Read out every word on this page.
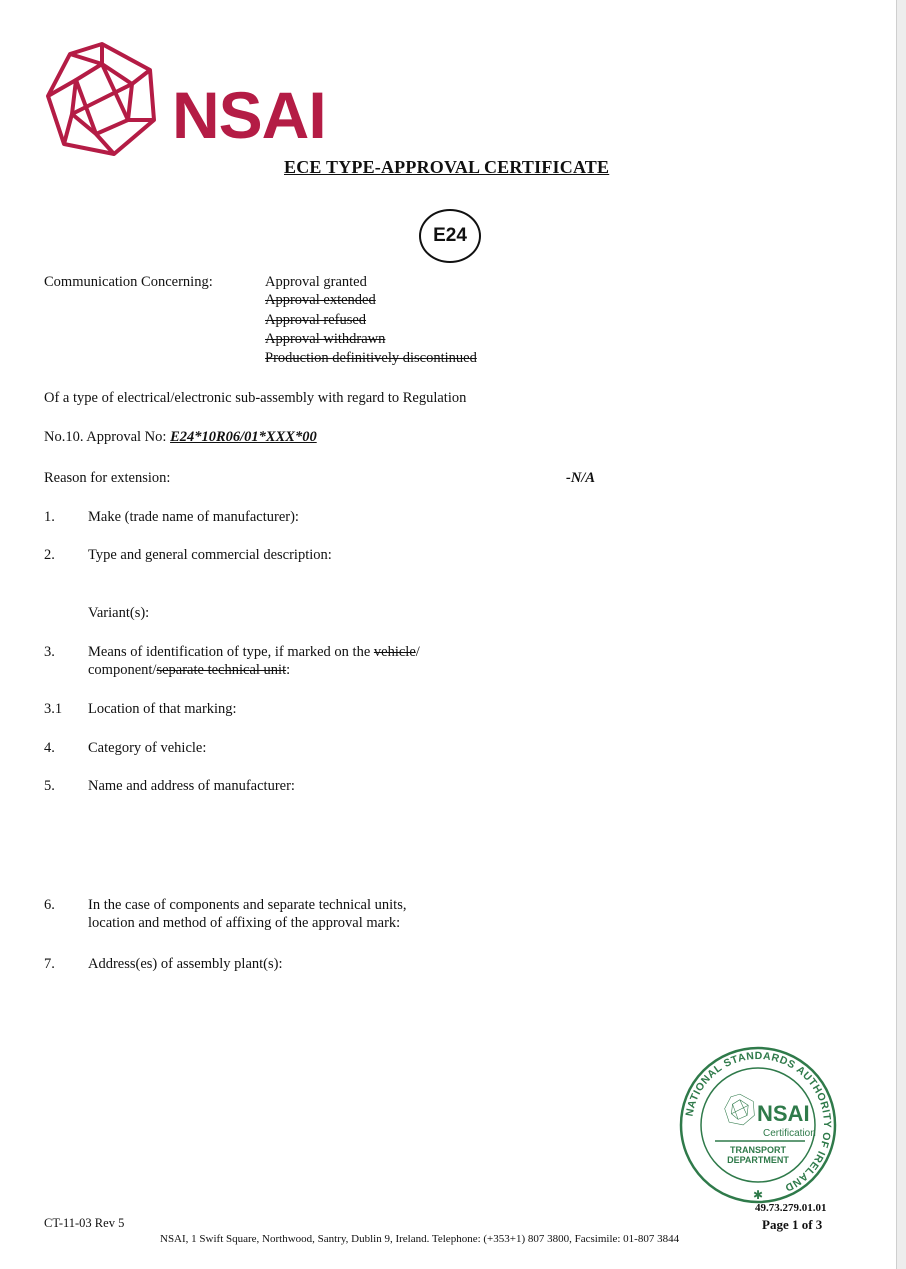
NSAI
ECE TYPE-APPROVAL CERTIFICATE
E24
Communication Concerning:	Approval granted
Approval extended
Approval refused
Approval withdrawn
Production definitively discontinued
Of a type of electrical/electronic sub-assembly with regard to Regulation
No.10. Approval No: E24*10R06/01*XXX*00
Reason for extension:	-N/A
1. Make (trade name of manufacturer):
2. Type and general commercial description:
Variant(s):
3. Means of identification of type, if marked on the vehicle/
component/separate technical unit:
3.1 Location of that marking:
4. Category of vehicle:
5. Name and address of manufacturer:
6. In the case of components and separate technical units,
location and method of affixing of the approval mark:
7. Address(es) of assembly plant(s):
NATIONAL STANDARDS AUTHORITY OF IRELAND
NSAI
Certification
TRANSPORT
DEPARTMENT
✱
CT-11-03 Rev 5
49.73.279.01.01
Page 1 of 3
NSAI, 1 Swift Square, Northwood, Santry, Dublin 9, Ireland. Telephone: (+353+1) 807 3800, Facsimile: 01-807 3844
